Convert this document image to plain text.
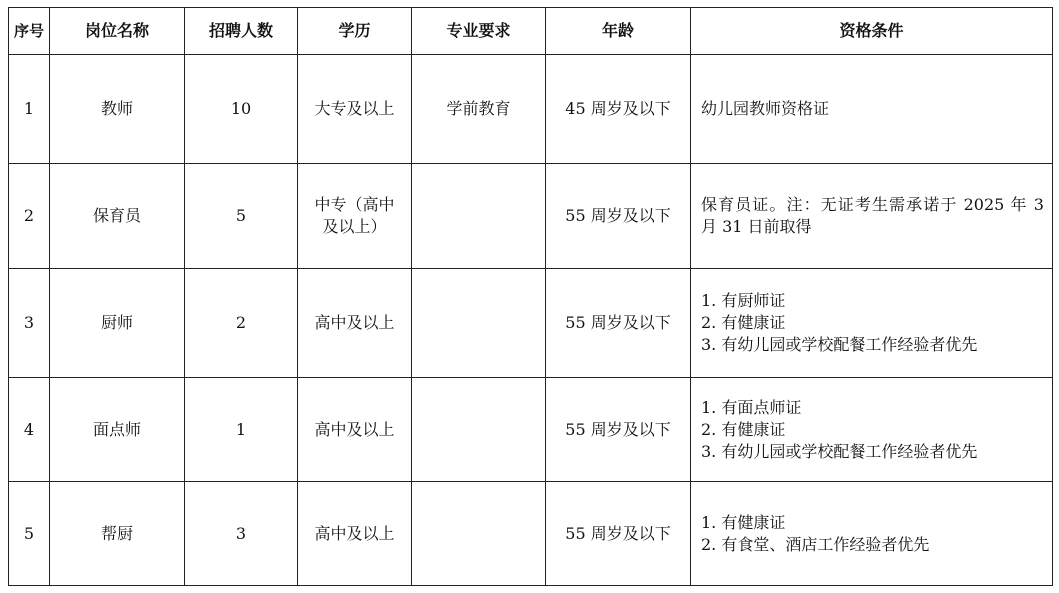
序号	岗位名称	招聘人数	学历	专业要求	年龄	资格条件
1	教师	10	大专及以上	学前教育	45 周岁及以下	幼儿园教师资格证

2	保育员	5	中专（高中及以上）		55 周岁及以下	保育员证。注：无证考生需承诺于 2025 年 3 月 31 日前取得

3	厨师	2	高中及以上		55 周岁及以下	1. 有厨师证
2. 有健康证
3. 有幼儿园或学校配餐工作经验者优先

4	面点师	1	高中及以上		55 周岁及以下	1. 有面点师证
2. 有健康证
3. 有幼儿园或学校配餐工作经验者优先

5	帮厨	3	高中及以上		55 周岁及以下	1. 有健康证
2. 有食堂、酒店工作经验者优先
